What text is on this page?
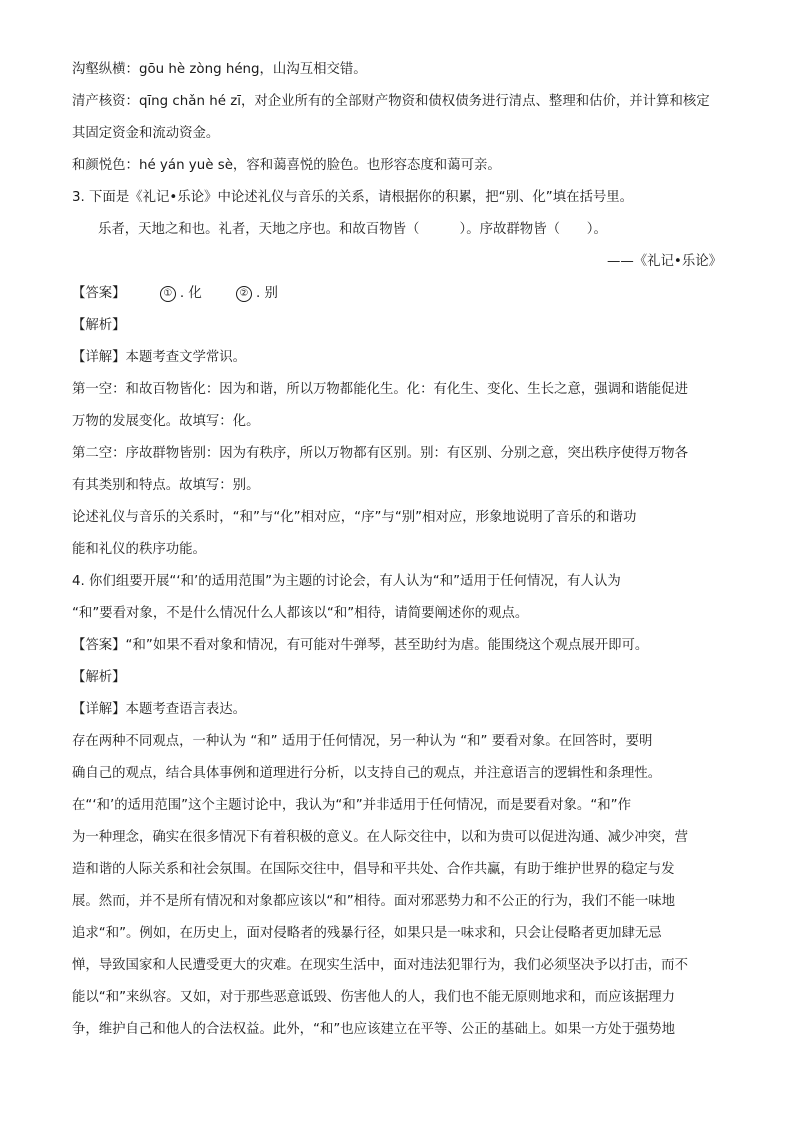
沟壑纵横：gōu hè zòng héng，山沟互相交错。
清产核资：qīng chǎn hé zī，对企业所有的全部财产物资和债权债务进行清点、整理和估价，并计算和核定
其固定资金和流动资金。
和颜悦色：hé yán yuè sè，容和蔼喜悦的脸色。也形容态度和蔼可亲。
3. 下面是《礼记•乐论》中论述礼仪与音乐的关系，请根据你的积累，把“别、化”填在括号里。
乐者，天地之和也。礼者，天地之序也。和故百物皆（　　　）。序故群物皆（　　）。
——《礼记•乐论》
【答案】	① . 化	② . 别
【解析】
【详解】本题考查文学常识。
第一空：和故百物皆化：因为和谐，所以万物都能化生。化：有化生、变化、生长之意，强调和谐能促进
万物的发展变化。故填写：化。
第二空：序故群物皆别：因为有秩序，所以万物都有区别。别：有区别、分别之意，突出秩序使得万物各
有其类别和特点。故填写：别。
论述礼仪与音乐的关系时，“和”与“化”相对应，“序”与“别”相对应，形象地说明了音乐的和谐功
能和礼仪的秩序功能。
4. 你们组要开展“‘和’的适用范围”为主题的讨论会，有人认为“和”适用于任何情况，有人认为
“和”要看对象，不是什么情况什么人都该以“和”相待，请简要阐述你的观点。
【答案】“和”如果不看对象和情况，有可能对牛弹琴，甚至助纣为虐。能围绕这个观点展开即可。
【解析】
【详解】本题考查语言表达。
存在两种不同观点，一种认为 “和” 适用于任何情况，另一种认为 “和” 要看对象。在回答时，要明
确自己的观点，结合具体事例和道理进行分析，以支持自己的观点，并注意语言的逻辑性和条理性。
在“‘和’的适用范围”这个主题讨论中，我认为“和”并非适用于任何情况，而是要看对象。“和”作
为一种理念，确实在很多情况下有着积极的意义。在人际交往中，以和为贵可以促进沟通、减少冲突，营
造和谐的人际关系和社会氛围。在国际交往中，倡导和平共处、合作共赢，有助于维护世界的稳定与发
展。然而，并不是所有情况和对象都应该以“和”相待。面对邪恶势力和不公正的行为，我们不能一味地
追求“和”。例如，在历史上，面对侵略者的残暴行径，如果只是一味求和，只会让侵略者更加肆无忌
惮，导致国家和人民遭受更大的灾难。在现实生活中，面对违法犯罪行为，我们必须坚决予以打击，而不
能以“和”来纵容。又如，对于那些恶意诋毁、伤害他人的人，我们也不能无原则地求和，而应该据理力
争，维护自己和他人的合法权益。此外，“和”也应该建立在平等、公正的基础上。如果一方处于强势地
